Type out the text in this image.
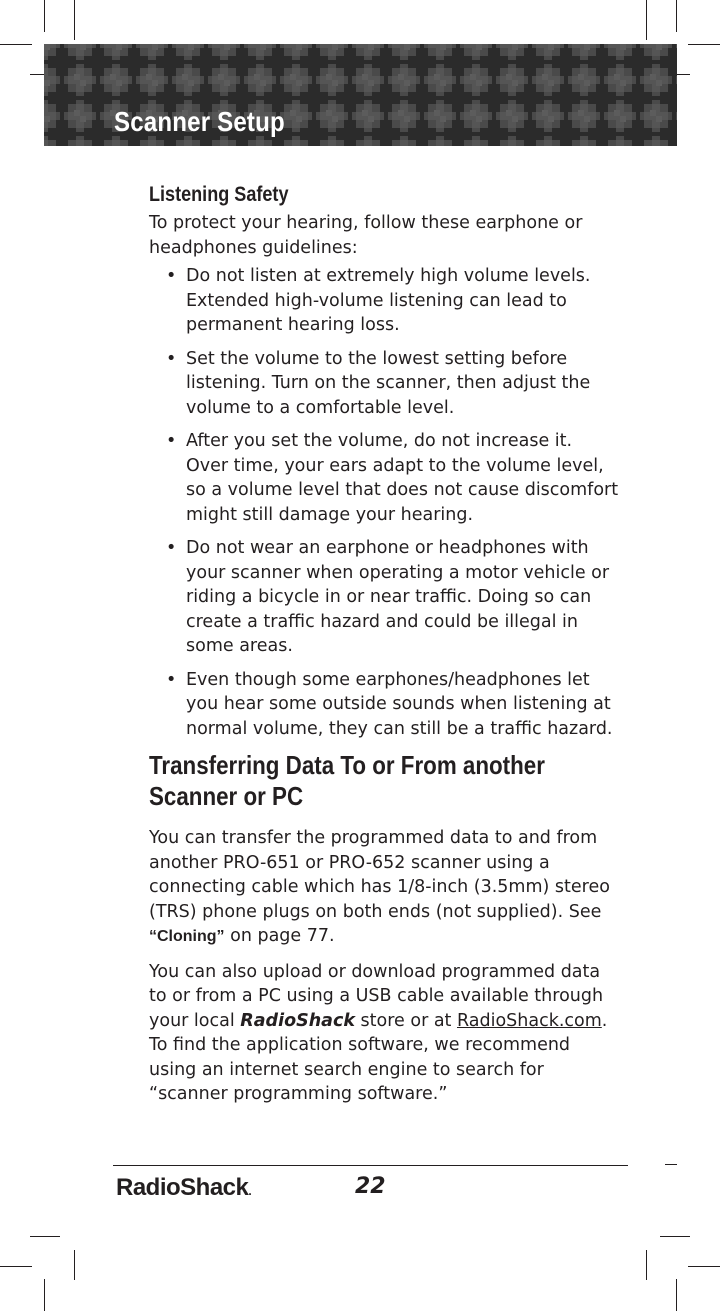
Scanner Setup
Listening Safety

To protect your hearing, follow these earphone or headphones guidelines:

• Do not listen at extremely high volume levels. Extended high-volume listening can lead to permanent hearing loss.
• Set the volume to the lowest setting before listening. Turn on the scanner, then adjust the volume to a comfortable level.
• After you set the volume, do not increase it. Over time, your ears adapt to the volume level, so a volume level that does not cause discomfort might still damage your hearing.
• Do not wear an earphone or headphones with your scanner when operating a motor vehicle or riding a bicycle in or near traffic. Doing so can create a traffic hazard and could be illegal in some areas.
• Even though some earphones/headphones let you hear some outside sounds when listening at normal volume, they can still be a traffic hazard.
Transferring Data To or From another Scanner or PC

You can transfer the programmed data to and from another PRO-651 or PRO-652 scanner using a connecting cable which has 1/8-inch (3.5mm) stereo (TRS) phone plugs on both ends (not supplied). See “Cloning” on page 77.

You can also upload or download programmed data to or from a PC using a USB cable available through your local RadioShack store or at RadioShack.com. To find the application software, we recommend using an internet search engine to search for “scanner programming software.”

RadioShack.	22
